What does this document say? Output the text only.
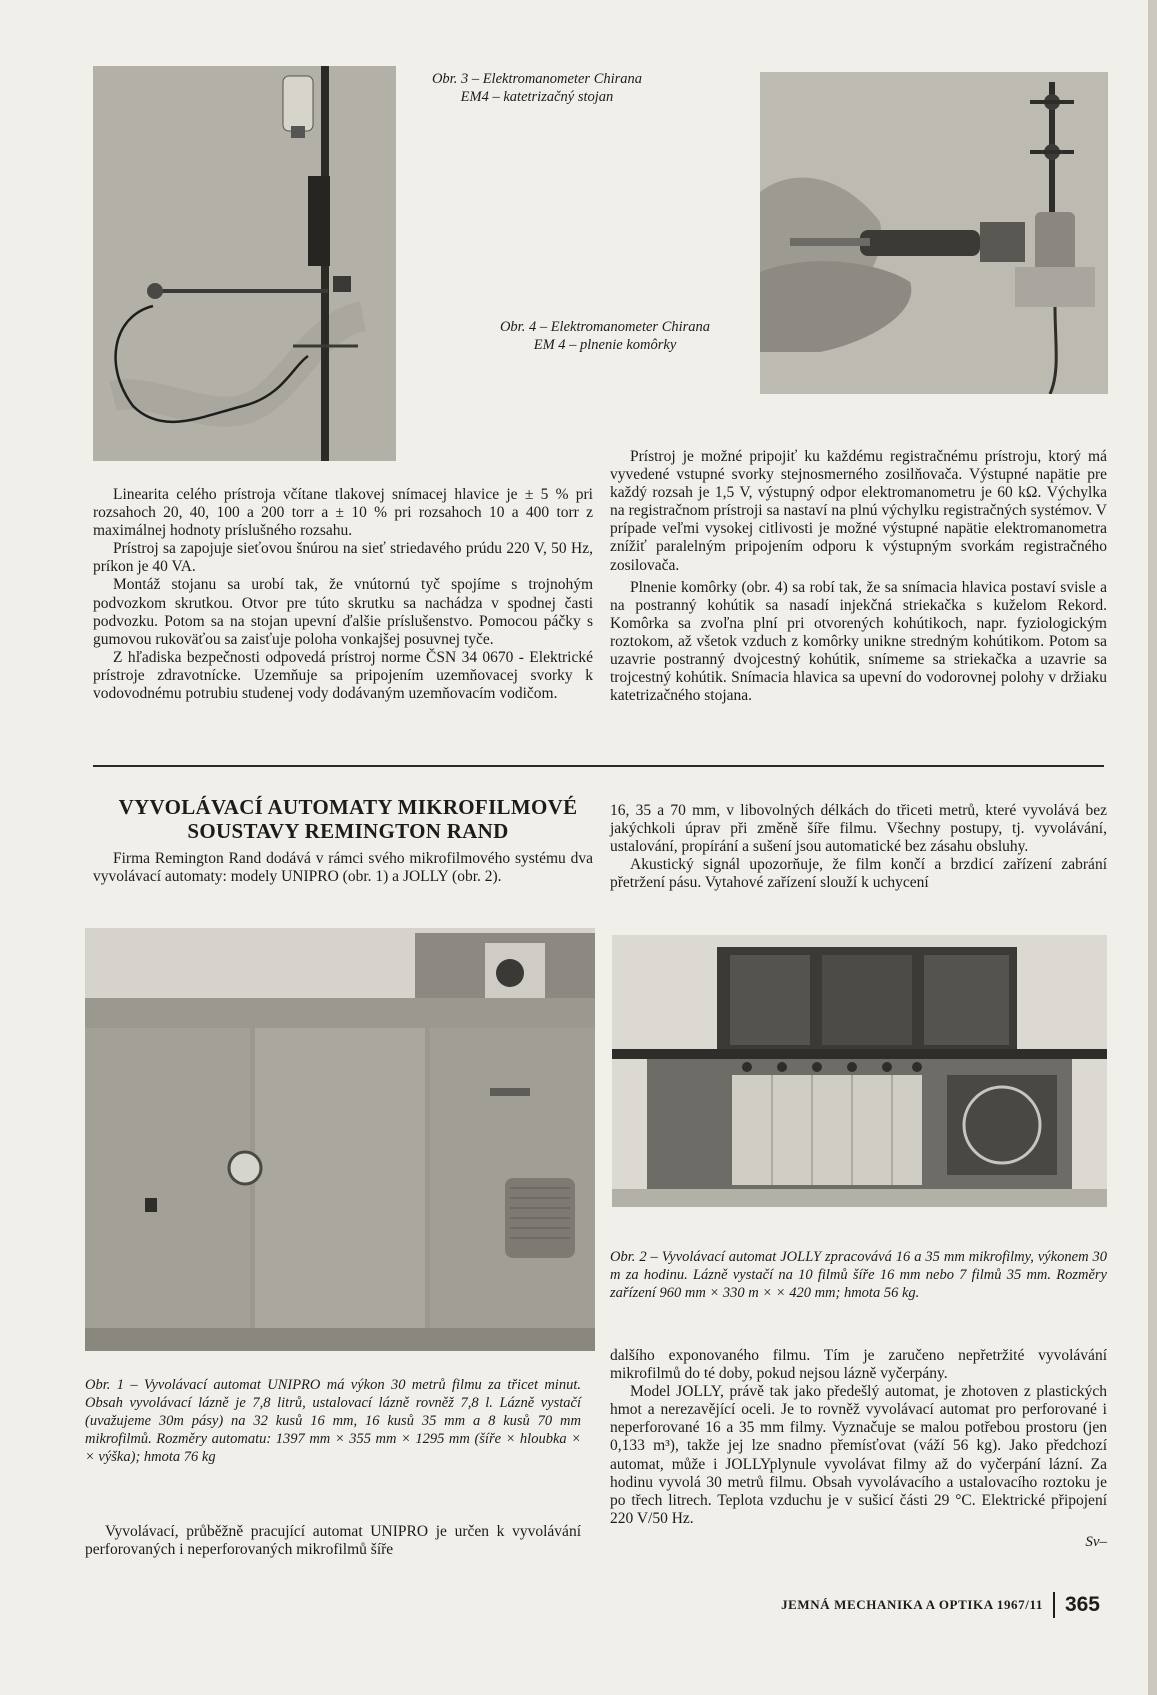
Obr. 3 – Elektromanometer Chirana
EM4 – katetrizačný stojan

Obr. 4 – Elektromanometer Chirana
EM 4 – plnenie komôrky

Linearita celého prístroja včítane tlakovej snímacej hlavice je ± 5 % pri rozsahoch 20, 40, 100 a 200 torr a ± 10 % pri rozsahoch 10 a 400 torr z maximálnej hodnoty príslušného rozsahu.

Prístroj sa zapojuje sieťovou šnúrou na sieť striedavého prúdu 220 V, 50 Hz, príkon je 40 VA.

Montáž stojanu sa urobí tak, že vnútornú tyč spojíme s trojnohým podvozkom skrutkou. Otvor pre túto skrutku sa nachádza v spodnej časti podvozku. Potom sa na stojan upevní ďalšie príslušenstvo. Pomocou páčky s gumovou rukoväťou sa zaisťuje poloha vonkajšej posuvnej tyče.

Z hľadiska bezpečnosti odpovedá prístroj norme ČSN 34 0670 - Elektrické prístroje zdravotnícke. Uzemňuje sa pripojením uzemňovacej svorky k vodovodnému potrubiu studenej vody dodávaným uzemňovacím vodičom.

Prístroj je možné pripojiť ku každému registračnému prístroju, ktorý má vyvedené vstupné svorky stejnosmerného zosilňovača. Výstupné napätie pre každý rozsah je 1,5 V, výstupný odpor elektromanometru je 60 kΩ. Výchylka na registračnom prístroji sa nastaví na plnú výchylku registračných systémov. V prípade veľmi vysokej citlivosti je možné výstupné napätie elektromanometra znížiť paralelným pripojením odporu k výstupným svorkám registračného zosilovača.

Plnenie komôrky (obr. 4) sa robí tak, že sa snímacia hlavica postaví svisle a na postranný kohútik sa nasadí injekčná striekačka s kuželom Rekord. Komôrka sa zvoľna plní pri otvorených kohútikoch, napr. fyziologickým roztokom, až všetok vzduch z komôrky unikne stredným kohútikom. Potom sa uzavrie postranný dvojcestný kohútik, snímeme sa striekačka a uzavrie sa trojcestný kohútik. Snímacia hlavica sa upevní do vodorovnej polohy v držiaku katetrizačného stojana.

VYVOLÁVACÍ AUTOMATY MIKROFILMOVÉ
SOUSTAVY REMINGTON RAND

Firma Remington Rand dodává v rámci svého mikrofilmového systému dva vyvolávací automaty: modely UNIPRO (obr. 1) a JOLLY (obr. 2).

16, 35 a 70 mm, v libovolných délkách do třiceti metrů, které vyvolává bez jakýchkoli úprav při změně šíře filmu. Všechny postupy, tj. vyvolávání, ustalování, propírání a sušení jsou automatické bez zásahu obsluhy.

Akustický signál upozorňuje, že film končí a brzdicí zařízení zabrání přetržení pásu. Vytahové zařízení slouží k uchycení

Obr. 2 – Vyvolávací automat JOLLY zpracovává 16 a 35 mm mikrofilmy, výkonem 30 m za hodinu. Lázně vystačí na 10 filmů šíře 16 mm nebo 7 filmů 35 mm. Rozměry zařízení 960 mm × 330 m × × 420 mm; hmota 56 kg.

Obr. 1 – Vyvolávací automat UNIPRO má výkon 30 metrů filmu za třicet minut. Obsah vyvolávací lázně je 7,8 litrů, ustalovací lázně rovněž 7,8 l. Lázně vystačí (uvažujeme 30m pásy) na 32 kusů 16 mm, 16 kusů 35 mm a 8 kusů 70 mm mikrofilmů. Rozměry automatu: 1397 mm × 355 mm × 1295 mm (šíře × hloubka × × výška); hmota 76 kg

Vyvolávací, průběžně pracující automat UNIPRO je určen k vyvolávání perforovaných i neperforovaných mikrofilmů šíře

dalšího exponovaného filmu. Tím je zaručeno nepřetržité vyvolávání mikrofilmů do té doby, pokud nejsou lázně vyčerpány.

Model JOLLY, právě tak jako předešlý automat, je zhotoven z plastických hmot a nerezavějící oceli. Je to rovněž vyvolávací automat pro perforované i neperforované 16 a 35 mm filmy. Vyznačuje se malou potřebou prostoru (jen 0,133 m³), takže jej lze snadno přemísťovat (váží 56 kg). Jako předchozí automat, může i JOLLYplynule vyvolávat filmy až do vyčerpání lázní. Za hodinu vyvolá 30 metrů filmu. Obsah vyvolávacího a ustalovacího roztoku je po třech litrech. Teplota vzduchu je v sušicí části 29 °C. Elektrické připojení 220 V/50 Hz.

Sv–
JEMNÁ MECHANIKA A OPTIKA 1967/11 365
